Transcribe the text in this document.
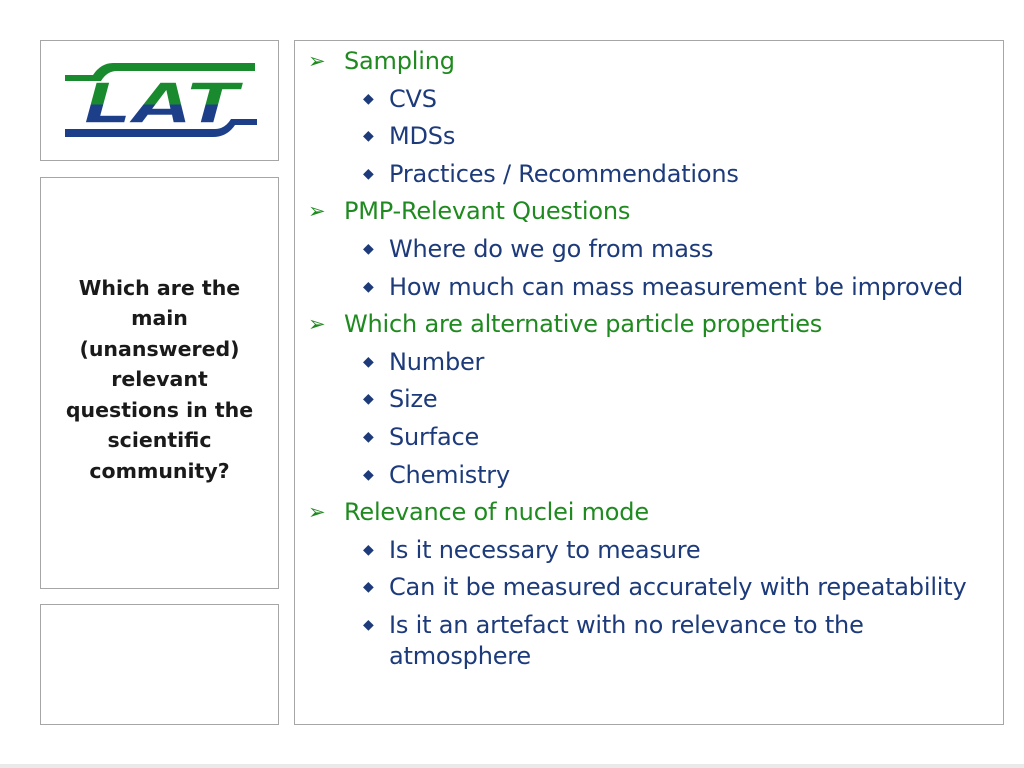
LAT
Which are the main (unanswered) relevant questions in the scientific community?
➢ Sampling
◆ CVS
◆ MDSs
◆ Practices / Recommendations
➢ PMP-Relevant Questions
◆ Where do we go from mass
◆ How much can mass measurement be improved
➢ Which are alternative particle properties
◆ Number
◆ Size
◆ Surface
◆ Chemistry
➢ Relevance of nuclei mode
◆ Is it necessary to measure
◆ Can it be measured accurately with repeatability
◆ Is it an artefact with no relevance to the atmosphere
